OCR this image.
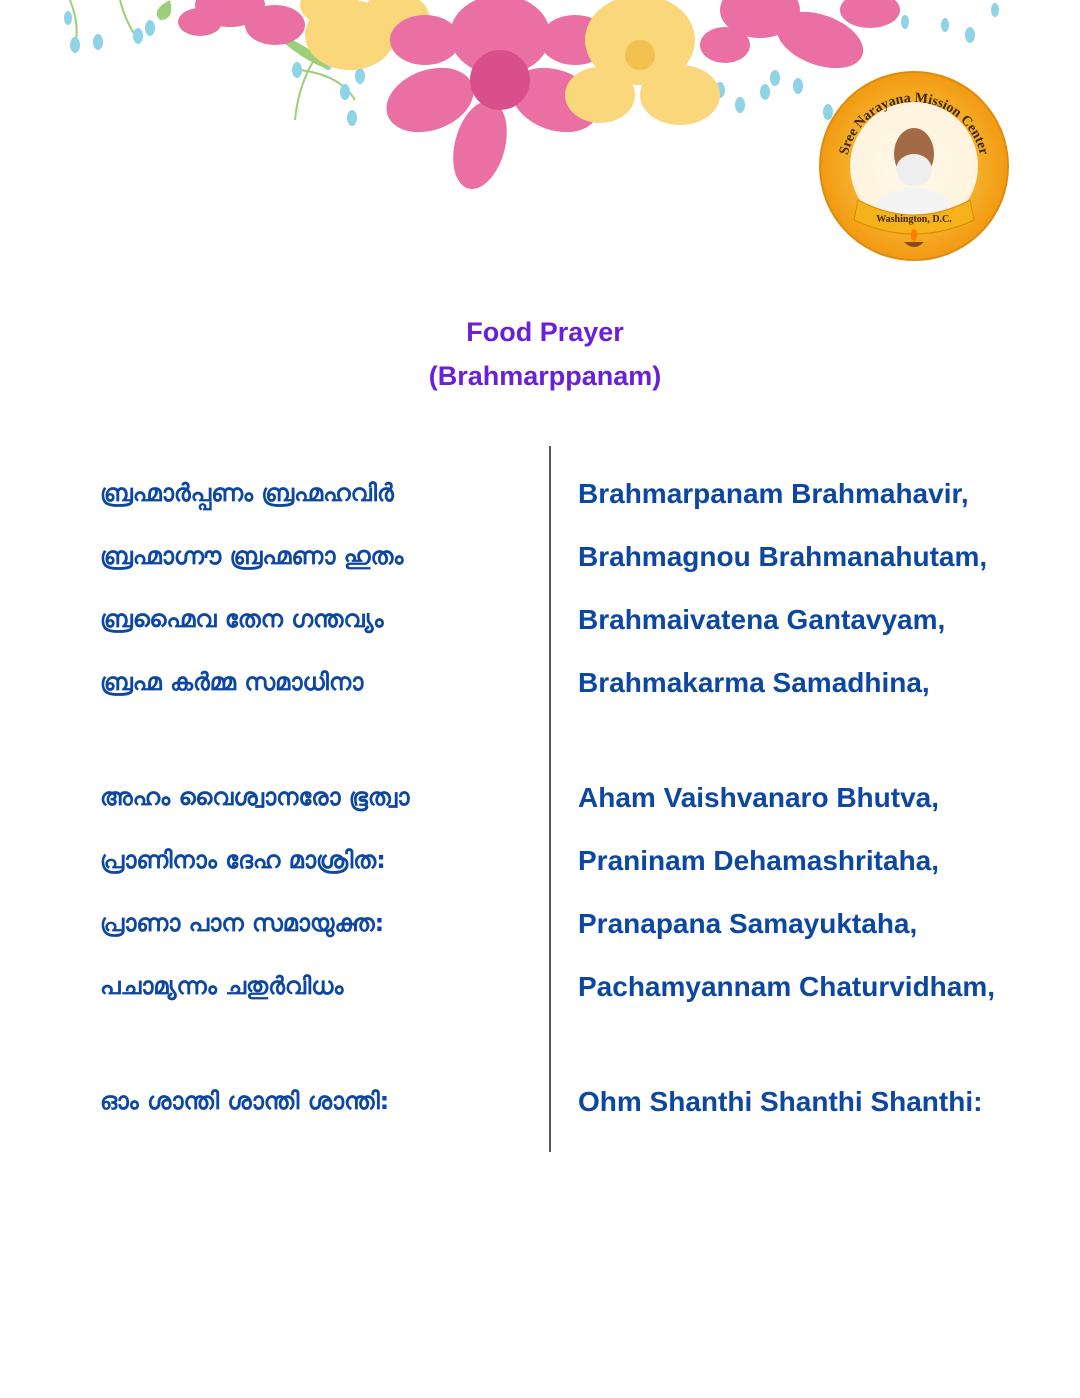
Washington, D.C.
Sree Narayana Mission Center
Food Prayer
(Brahmarppanam)
ബ്രഹ്മാർപ്പണം ബ്രഹ്മഹവിർ
ബ്രഹ്മാഗ്നൗ ബ്രഹ്മണാ ഹുതം
ബ്രഹ്മൈവ തേന ഗന്തവ്യം
ബ്രഹ്മ കർമ്മ സമാധിനാ
അഹം വൈശ്വാനരോ ഭൂത്വാ
പ്രാണിനാം ദേഹ മാശ്രിത:
പ്രാണാ പാന സമായുക്ത:
പചാമ്യന്നം ചതുർവിധം
ഓം ശാന്തി ശാന്തി ശാന്തി:
Brahmarpanam Brahmahavir,
Brahmagnou Brahmanahutam,
Brahmaivatena Gantavyam,
Brahmakarma Samadhina,
Aham Vaishvanaro Bhutva,
Praninam Dehamashritaha,
Pranapana Samayuktaha,
Pachamyannam Chaturvidham,
Ohm Shanthi Shanthi Shanthi:
